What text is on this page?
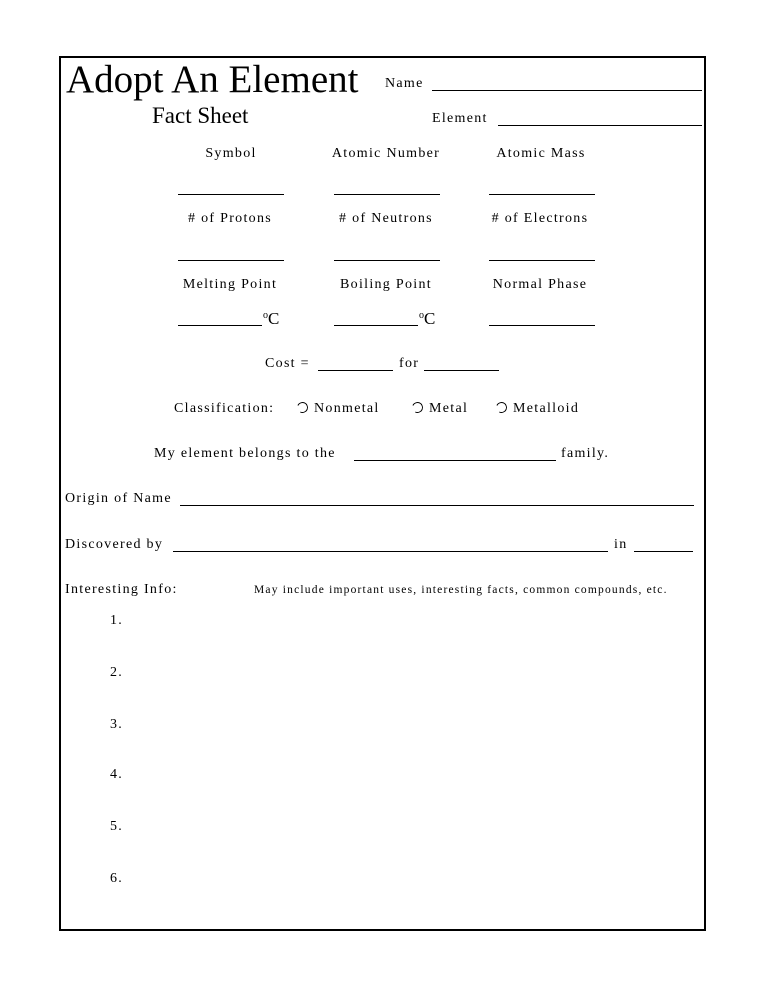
Adopt An Element
Fact Sheet
Name
Element
Symbol	Atomic Number	Atomic Mass
# of Protons	# of Neutrons	# of Electrons
Melting Point	Boiling Point	Normal Phase
$^o$C	$^o$C
Cost =	for
Classification:	Nonmetal	Metal	Metalloid
My element belongs to the	family.
Origin of Name
Discovered by	in
Interesting Info:	May include important uses, interesting facts, common compounds, etc.
1.
2.
3.
4.
5.
6.
